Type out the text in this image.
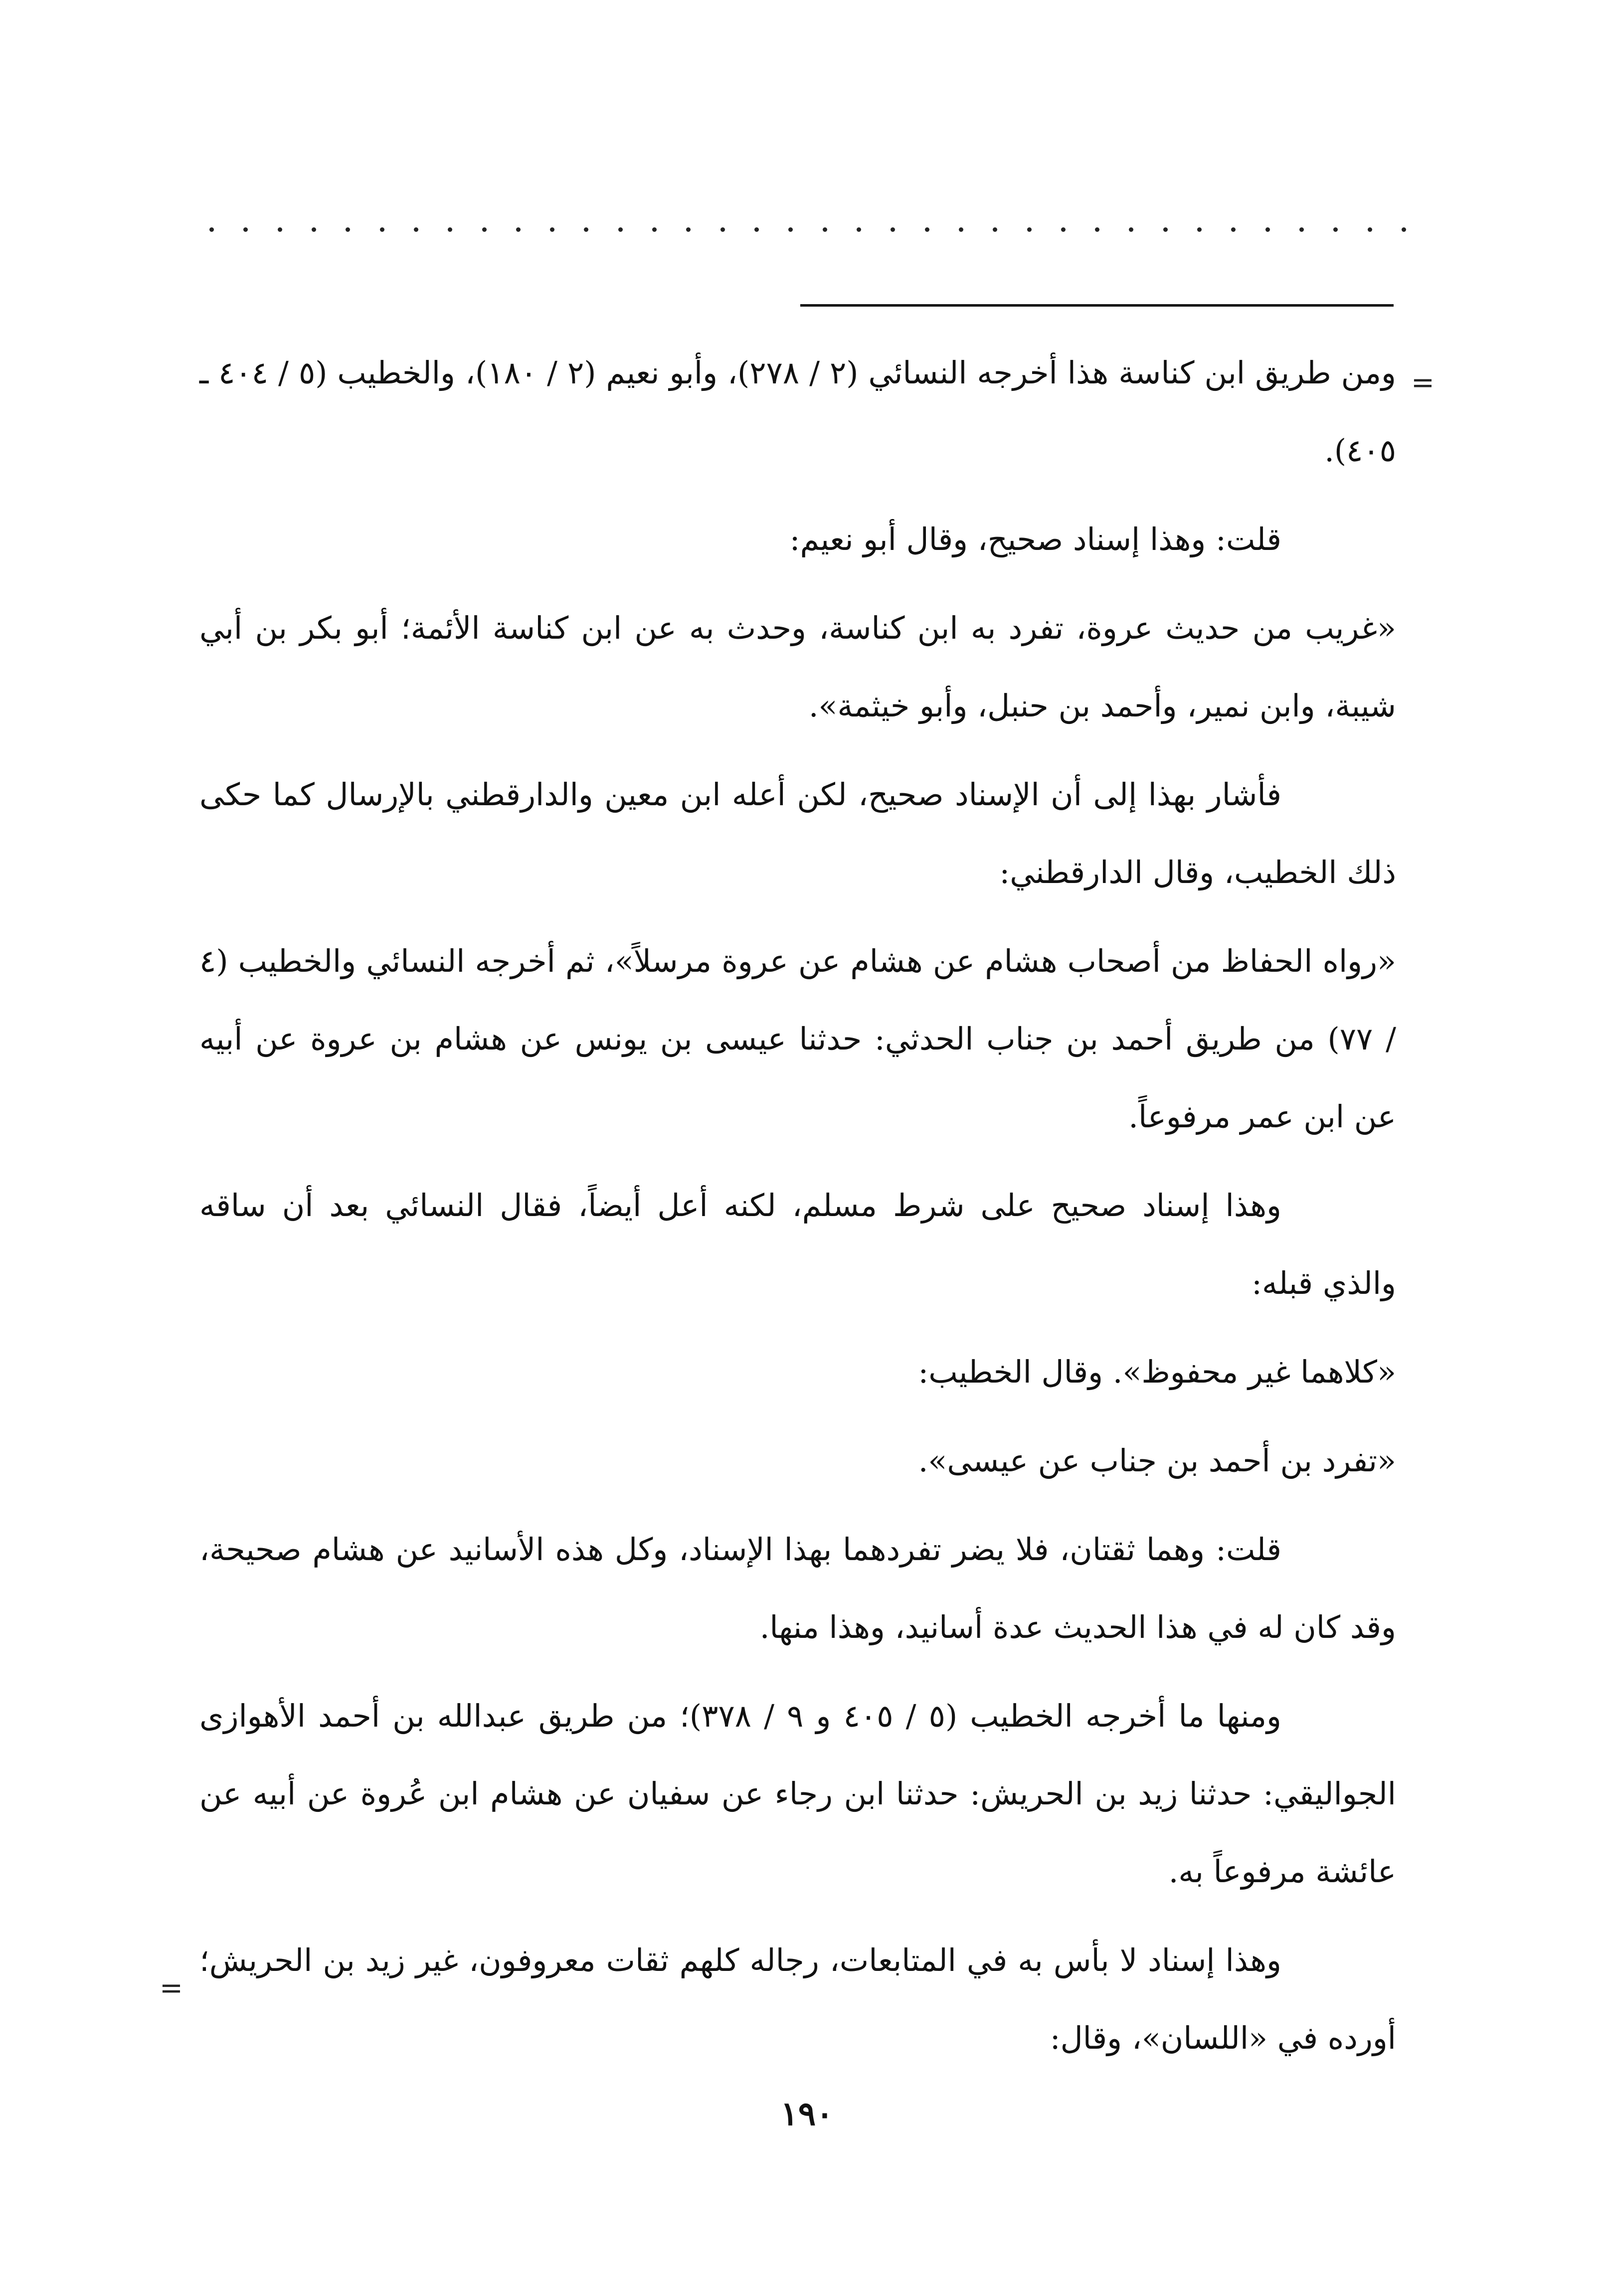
=

ومن طريق ابن كناسة هذا أخرجه النسائي (٢ / ٢٧٨)، وأبو نعيم (٢ / ١٨٠)، والخطيب (٥ / ٤٠٤ ـ ٤٠٥).

قلت: وهذا إسناد صحيح، وقال أبو نعيم:

«غريب من حديث عروة، تفرد به ابن كناسة، وحدث به عن ابن كناسة الأئمة؛ أبو بكر بن أبي شيبة، وابن نمير، وأحمد بن حنبل، وأبو خيثمة».

فأشار بهذا إلى أن الإسناد صحيح، لكن أعله ابن معين والدارقطني بالإرسال كما حكى ذلك الخطيب، وقال الدارقطني:

«رواه الحفاظ من أصحاب هشام عن هشام عن عروة مرسلاً»، ثم أخرجه النسائي والخطيب (٤ / ٧٧) من طريق أحمد بن جناب الحدثي: حدثنا عيسى بن يونس عن هشام بن عروة عن أبيه عن ابن عمر مرفوعاً.

وهذا إسناد صحيح على شرط مسلم، لكنه أعل أيضاً، فقال النسائي بعد أن ساقه والذي قبله:

«كلاهما غير محفوظ». وقال الخطيب:

«تفرد بن أحمد بن جناب عن عيسى».

قلت: وهما ثقتان، فلا يضر تفردهما بهذا الإسناد، وكل هذه الأسانيد عن هشام صحيحة، وقد كان له في هذا الحديث عدة أسانيد، وهذا منها.

ومنها ما أخرجه الخطيب (٥ / ٤٠٥ و ٩ / ٣٧٨)؛ من طريق عبدالله بن أحمد الأهوازى الجواليقي: حدثنا زيد بن الحريش: حدثنا ابن رجاء عن سفيان عن هشام ابن عُروة عن أبيه عن عائشة مرفوعاً به.

وهذا إسناد لا بأس به في المتابعات، رجاله كلهم ثقات معروفون، غير زيد بن الحريش؛ أورده في «اللسان»، وقال:

=
١٩٠
